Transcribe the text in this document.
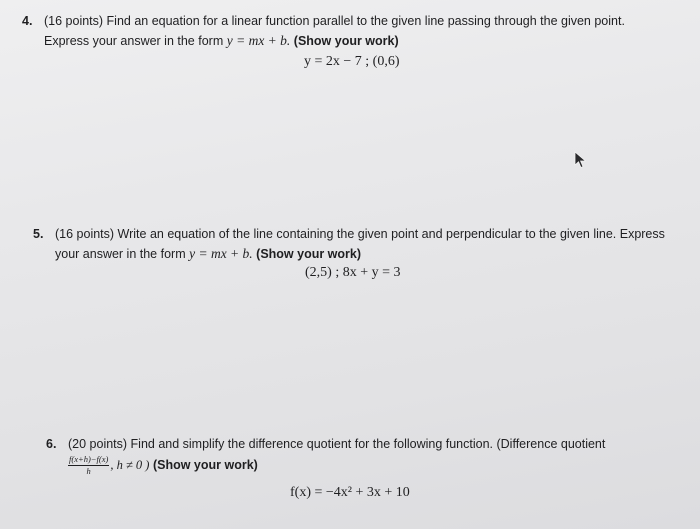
4. (16 points) Find an equation for a linear function parallel to the given line passing through the given point.
Express your answer in the form y = mx + b. (Show your work)
y = 2x − 7 ; (0,6)
5. (16 points) Write an equation of the line containing the given point and perpendicular to the given line. Express
your answer in the form y = mx + b. (Show your work)
(2,5) ; 8x + y = 3
6. (20 points) Find and simplify the difference quotient for the following function. (Difference quotient
$\frac{f(x+h)-f(x)}{h}$ , h ≠ 0 ) (Show your work)
f(x) = −4x² + 3x + 10
